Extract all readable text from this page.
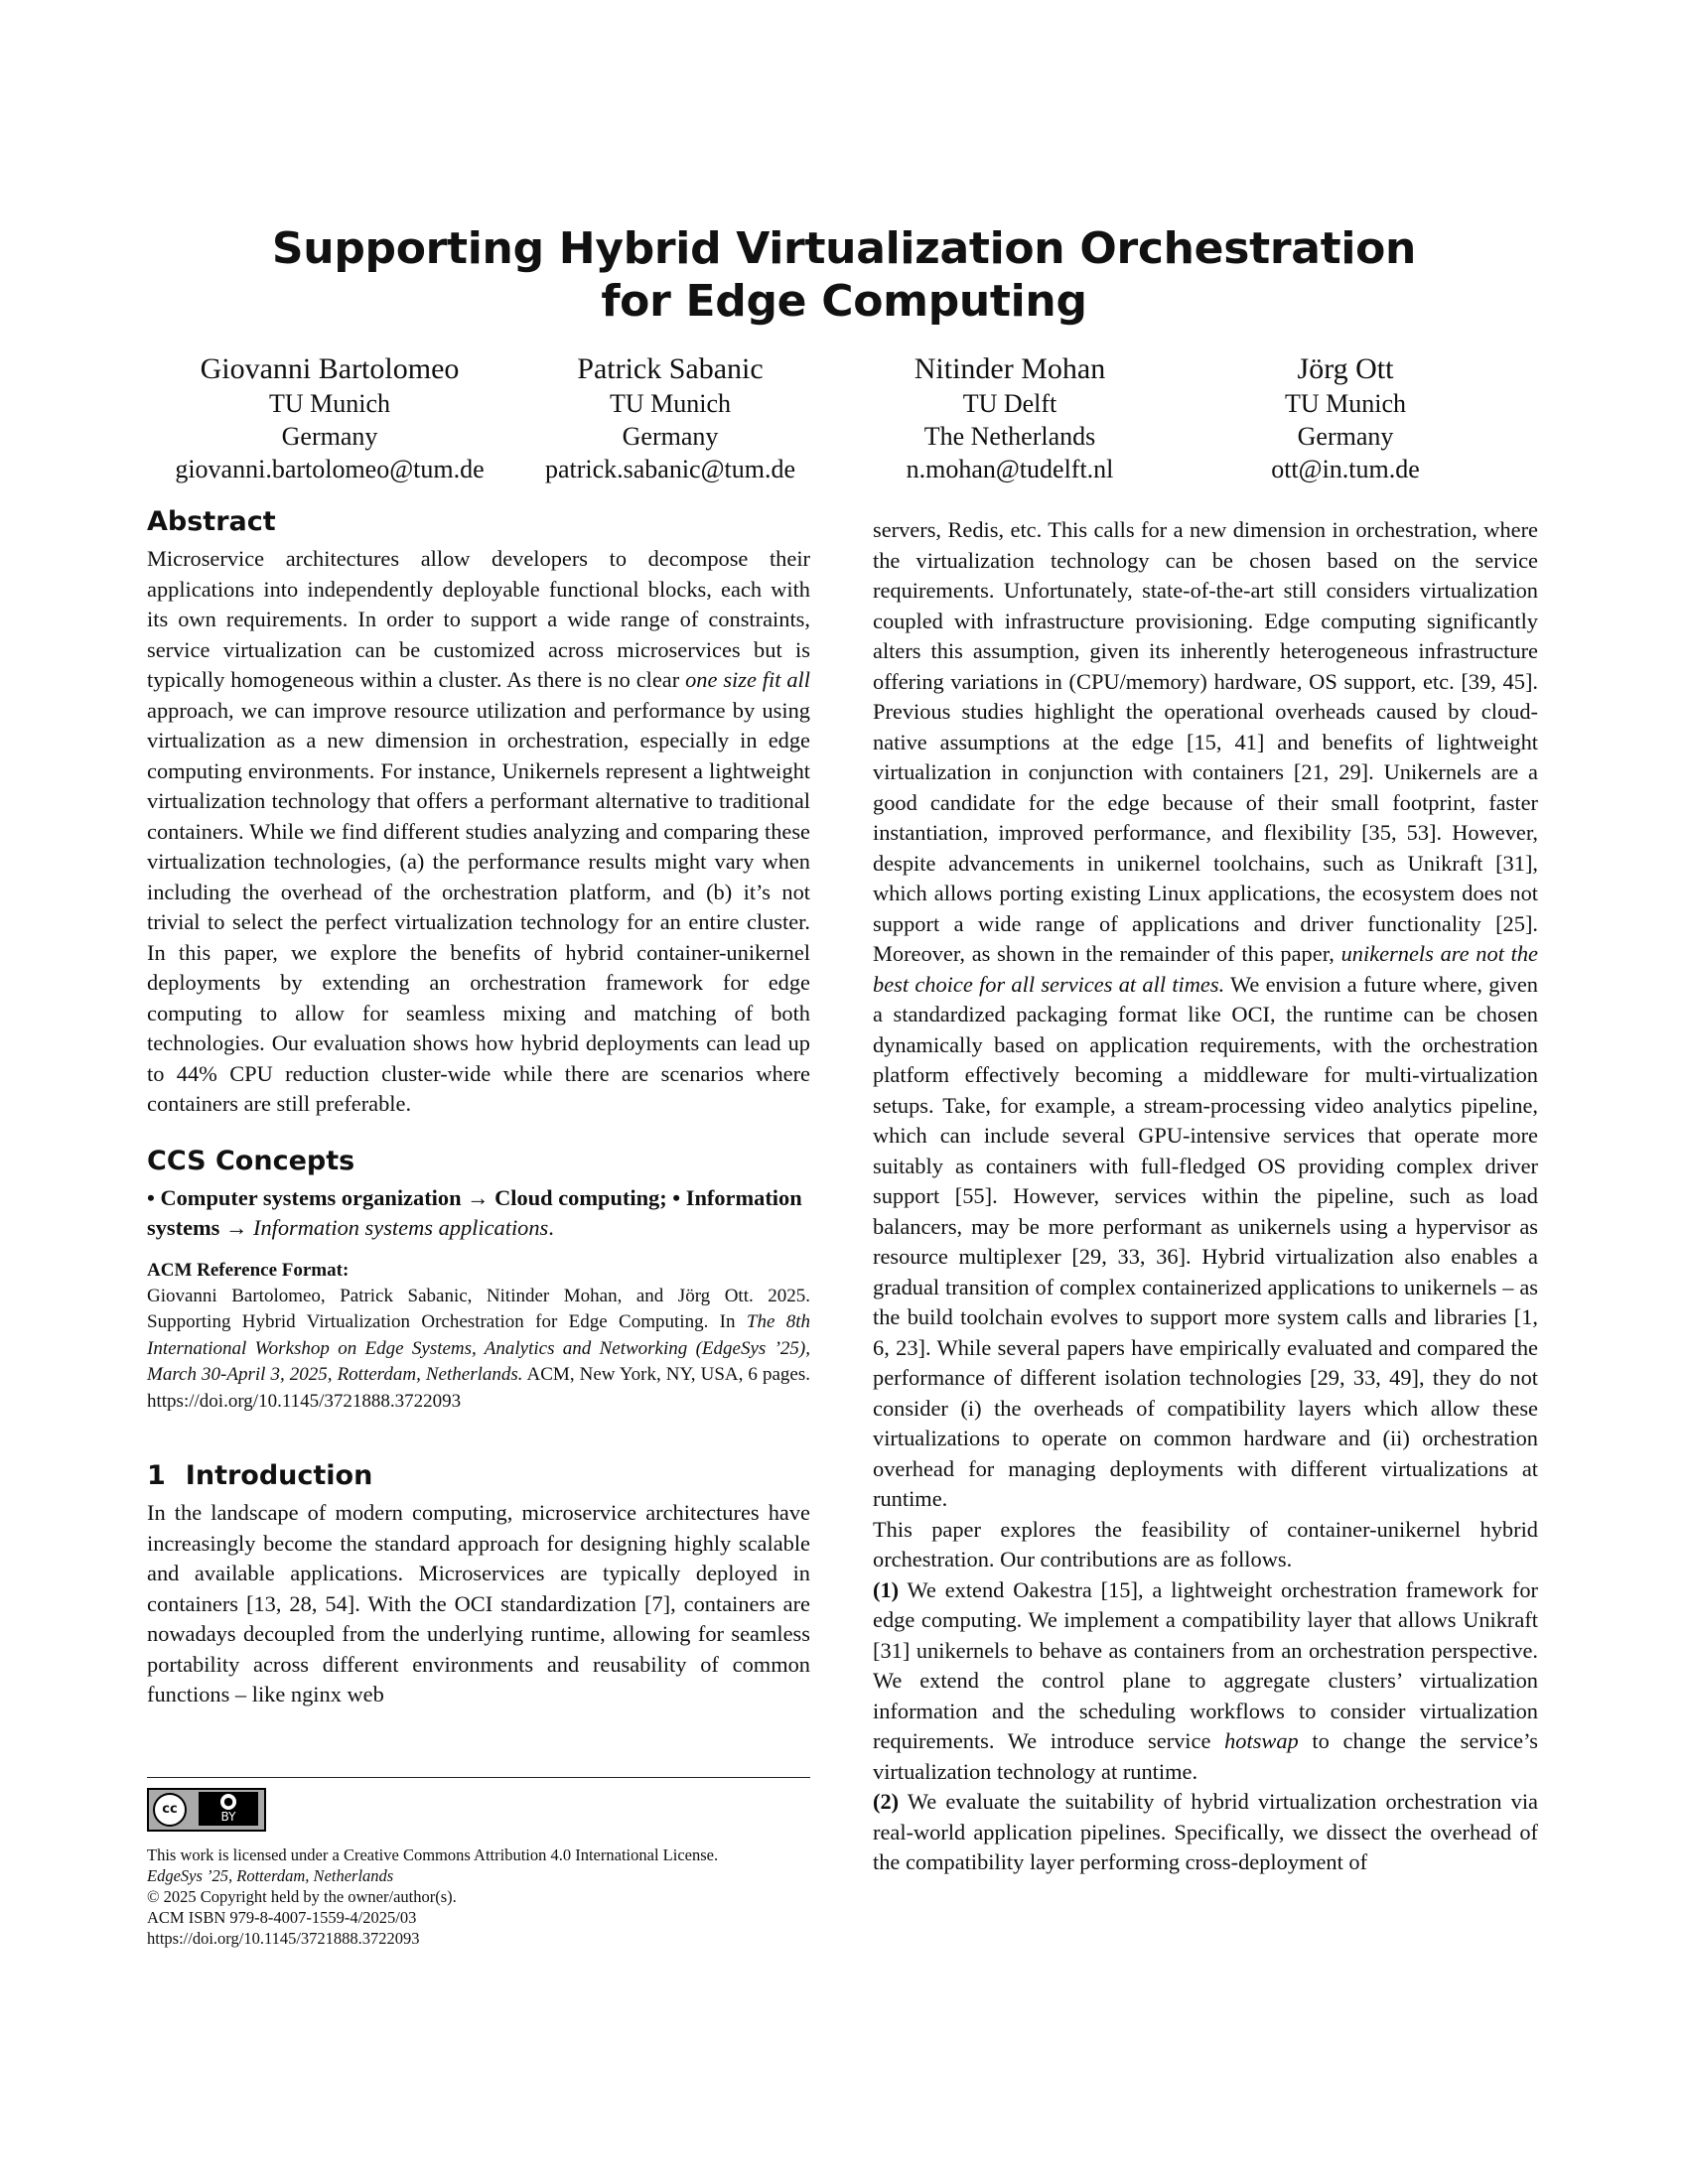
Supporting Hybrid Virtualization Orchestration
for Edge Computing
Giovanni Bartolomeo
TU Munich
Germany
giovanni.bartolomeo@tum.de
Patrick Sabanic
TU Munich
Germany
patrick.sabanic@tum.de
Nitinder Mohan
TU Delft
The Netherlands
n.mohan@tudelft.nl
Jörg Ott
TU Munich
Germany
ott@in.tum.de
Abstract

Microservice architectures allow developers to decompose their applications into independently deployable functional blocks, each with its own requirements. In order to support a wide range of constraints, service virtualization can be customized across microservices but is typically homogeneous within a cluster. As there is no clear one size fit all approach, we can improve resource utilization and performance by using virtualization as a new dimension in orchestration, especially in edge computing environments. For instance, Unikernels represent a lightweight virtualization technology that offers a performant alternative to traditional containers. While we find different studies analyzing and comparing these virtualization technologies, (a) the performance results might vary when including the overhead of the orchestration platform, and (b) it’s not trivial to select the perfect virtualization technology for an entire cluster. In this paper, we explore the benefits of hybrid container-unikernel deployments by extending an orchestration framework for edge computing to allow for seamless mixing and matching of both technologies. Our evaluation shows how hybrid deployments can lead up to 44% CPU reduction cluster-wide while there are scenarios where containers are still preferable.

CCS Concepts

• Computer systems organization → Cloud computing; • Information systems → Information systems applications.

ACM Reference Format:

Giovanni Bartolomeo, Patrick Sabanic, Nitinder Mohan, and Jörg Ott. 2025. Supporting Hybrid Virtualization Orchestration for Edge Computing. In The 8th International Workshop on Edge Systems, Analytics and Networking (EdgeSys ’25), March 30-April 3, 2025, Rotterdam, Netherlands. ACM, New York, NY, USA, 6 pages. https://doi.org/10.1145/3721888.3722093

1 Introduction

In the landscape of modern computing, microservice architectures have increasingly become the standard approach for designing highly scalable and available applications. Microservices are typically deployed in containers [13, 28, 54]. With the OCI standardization [7], containers are nowadays decoupled from the underlying runtime, allowing for seamless portability across different environments and reusability of common functions – like nginx web

cc
●
BY

This work is licensed under a Creative Commons Attribution 4.0 International License.

EdgeSys ’25, Rotterdam, Netherlands

© 2025 Copyright held by the owner/author(s).

ACM ISBN 979-8-4007-1559-4/2025/03

https://doi.org/10.1145/3721888.3722093

servers, Redis, etc. This calls for a new dimension in orchestration, where the virtualization technology can be chosen based on the service requirements. Unfortunately, state-of-the-art still considers virtualization coupled with infrastructure provisioning. Edge computing significantly alters this assumption, given its inherently heterogeneous infrastructure offering variations in (CPU/memory) hardware, OS support, etc. [39, 45]. Previous studies highlight the operational overheads caused by cloud-native assumptions at the edge [15, 41] and benefits of lightweight virtualization in conjunction with containers [21, 29]. Unikernels are a good candidate for the edge because of their small footprint, faster instantiation, improved performance, and flexibility [35, 53]. However, despite advancements in unikernel toolchains, such as Unikraft [31], which allows porting existing Linux applications, the ecosystem does not support a wide range of applications and driver functionality [25]. Moreover, as shown in the remainder of this paper, unikernels are not the best choice for all services at all times. We envision a future where, given a standardized packaging format like OCI, the runtime can be chosen dynamically based on application requirements, with the orchestration platform effectively becoming a middleware for multi-virtualization setups. Take, for example, a stream-processing video analytics pipeline, which can include several GPU-intensive services that operate more suitably as containers with full-fledged OS providing complex driver support [55]. However, services within the pipeline, such as load balancers, may be more performant as unikernels using a hypervisor as resource multiplexer [29, 33, 36]. Hybrid virtualization also enables a gradual transition of complex containerized applications to unikernels – as the build toolchain evolves to support more system calls and libraries [1, 6, 23]. While several papers have empirically evaluated and compared the performance of different isolation technologies [29, 33, 49], they do not consider (i) the overheads of compatibility layers which allow these virtualizations to operate on common hardware and (ii) orchestration overhead for managing deployments with different virtualizations at runtime.

This paper explores the feasibility of container-unikernel hybrid orchestration. Our contributions are as follows.

(1) We extend Oakestra [15], a lightweight orchestration framework for edge computing. We implement a compatibility layer that allows Unikraft [31] unikernels to behave as containers from an orchestration perspective. We extend the control plane to aggregate clusters’ virtualization information and the scheduling workflows to consider virtualization requirements. We introduce service hotswap to change the service’s virtualization technology at runtime.

(2) We evaluate the suitability of hybrid virtualization orchestration via real-world application pipelines. Specifically, we dissect the overhead of the compatibility layer performing cross-deployment of
